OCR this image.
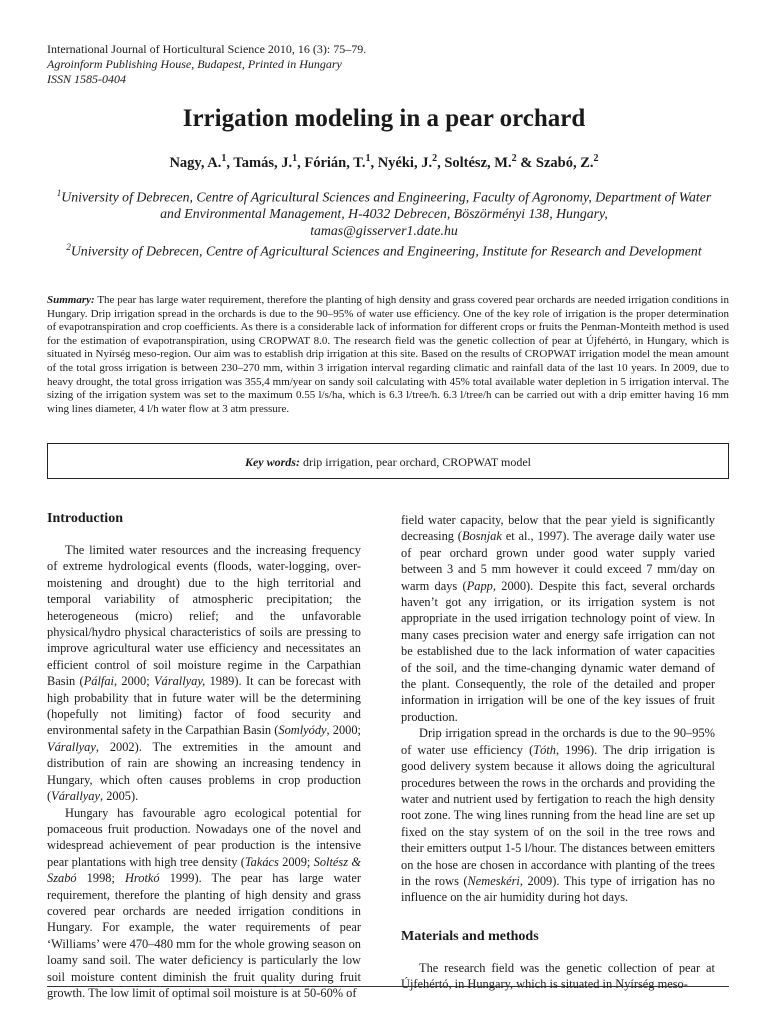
International Journal of Horticultural Science 2010, 16 (3): 75–79.
Agroinform Publishing House, Budapest, Printed in Hungary
ISSN 1585-0404
Irrigation modeling in a pear orchard
Nagy, A.$^1$, Tamás, J.$^1$, Fórián, T.$^1$, Nyéki, J.$^2$, Soltész, M.$^2$ & Szabó, Z.$^2$
$^1$University of Debrecen, Centre of Agricultural Sciences and Engineering, Faculty of Agronomy, Department of Water and Environmental Management, H-4032 Debrecen, Böszörményi 138, Hungary,
tamas@gisserver1.date.hu
$^2$University of Debrecen, Centre of Agricultural Sciences and Engineering, Institute for Research and Development
Summary: The pear has large water requirement, therefore the planting of high density and grass covered pear orchards are needed irrigation conditions in Hungary. Drip irrigation spread in the orchards is due to the 90–95% of water use efficiency. One of the key role of irrigation is the proper determination of evapotranspiration and crop coefficients. As there is a considerable lack of information for different crops or fruits the Penman-Monteith method is used for the estimation of evapotranspiration, using CROPWAT 8.0. The research field was the genetic collection of pear at Újfehértó, in Hungary, which is situated in Nyírség meso-region. Our aim was to establish drip irrigation at this site. Based on the results of CROPWAT irrigation model the mean amount of the total gross irrigation is between 230–270 mm, within 3 irrigation interval regarding climatic and rainfall data of the last 10 years. In 2009, due to heavy drought, the total gross irrigation was 355,4 mm/year on sandy soil calculating with 45% total available water depletion in 5 irrigation interval. The sizing of the irrigation system was set to the maximum 0.55 l/s/ha, which is 6.3 l/tree/h. 6.3 l/tree/h can be carried out with a drip emitter having 16 mm wing lines diameter, 4 l/h water flow at 3 atm pressure.
Key words: drip irrigation, pear orchard, CROPWAT model
Introduction

The limited water resources and the increasing frequency of extreme hydrological events (floods, water-logging, over-moistening and drought) due to the high territorial and temporal variability of atmospheric precipitation; the heterogeneous (micro) relief; and the unfavorable physical/hydro physical characteristics of soils are pressing to improve agricultural water use efficiency and necessitates an efficient control of soil moisture regime in the Carpathian Basin (Pálfai, 2000; Várallyay, 1989). It can be forecast with high probability that in future water will be the determining (hopefully not limiting) factor of food security and environmental safety in the Carpathian Basin (Somlyódy, 2000; Várallyay, 2002). The extremities in the amount and distribution of rain are showing an increasing tendency in Hungary, which often causes problems in crop production (Várallyay, 2005).

Hungary has favourable agro ecological potential for pomaceous fruit production. Nowadays one of the novel and widespread achievement of pear production is the intensive pear plantations with high tree density (Takács 2009; Soltész & Szabó 1998; Hrotkó 1999). The pear has large water requirement, therefore the planting of high density and grass covered pear orchards are needed irrigation conditions in Hungary. For example, the water requirements of pear ‘Williams’ were 470–480 mm for the whole growing season on loamy sand soil. The water deficiency is particularly the low soil moisture content diminish the fruit quality during fruit growth. The low limit of optimal soil moisture is at 50-60% of

field water capacity, below that the pear yield is significantly decreasing (Bosnjak et al., 1997). The average daily water use of pear orchard grown under good water supply varied between 3 and 5 mm however it could exceed 7 mm/day on warm days (Papp, 2000). Despite this fact, several orchards haven’t got any irrigation, or its irrigation system is not appropriate in the used irrigation technology point of view. In many cases precision water and energy safe irrigation can not be established due to the lack information of water capacities of the soil, and the time-changing dynamic water demand of the plant. Consequently, the role of the detailed and proper information in irrigation will be one of the key issues of fruit production.

Drip irrigation spread in the orchards is due to the 90–95% of water use efficiency (Tóth, 1996). The drip irrigation is good delivery system because it allows doing the agricultural procedures between the rows in the orchards and providing the water and nutrient used by fertigation to reach the high density root zone. The wing lines running from the head line are set up fixed on the stay system of on the soil in the tree rows and their emitters output 1-5 l/hour. The distances between emitters on the hose are chosen in accordance with planting of the trees in the rows (Nemeskéri, 2009). This type of irrigation has no influence on the air humidity during hot days.

Materials and methods

The research field was the genetic collection of pear at Újfehértó, in Hungary, which is situated in Nyírség meso-
